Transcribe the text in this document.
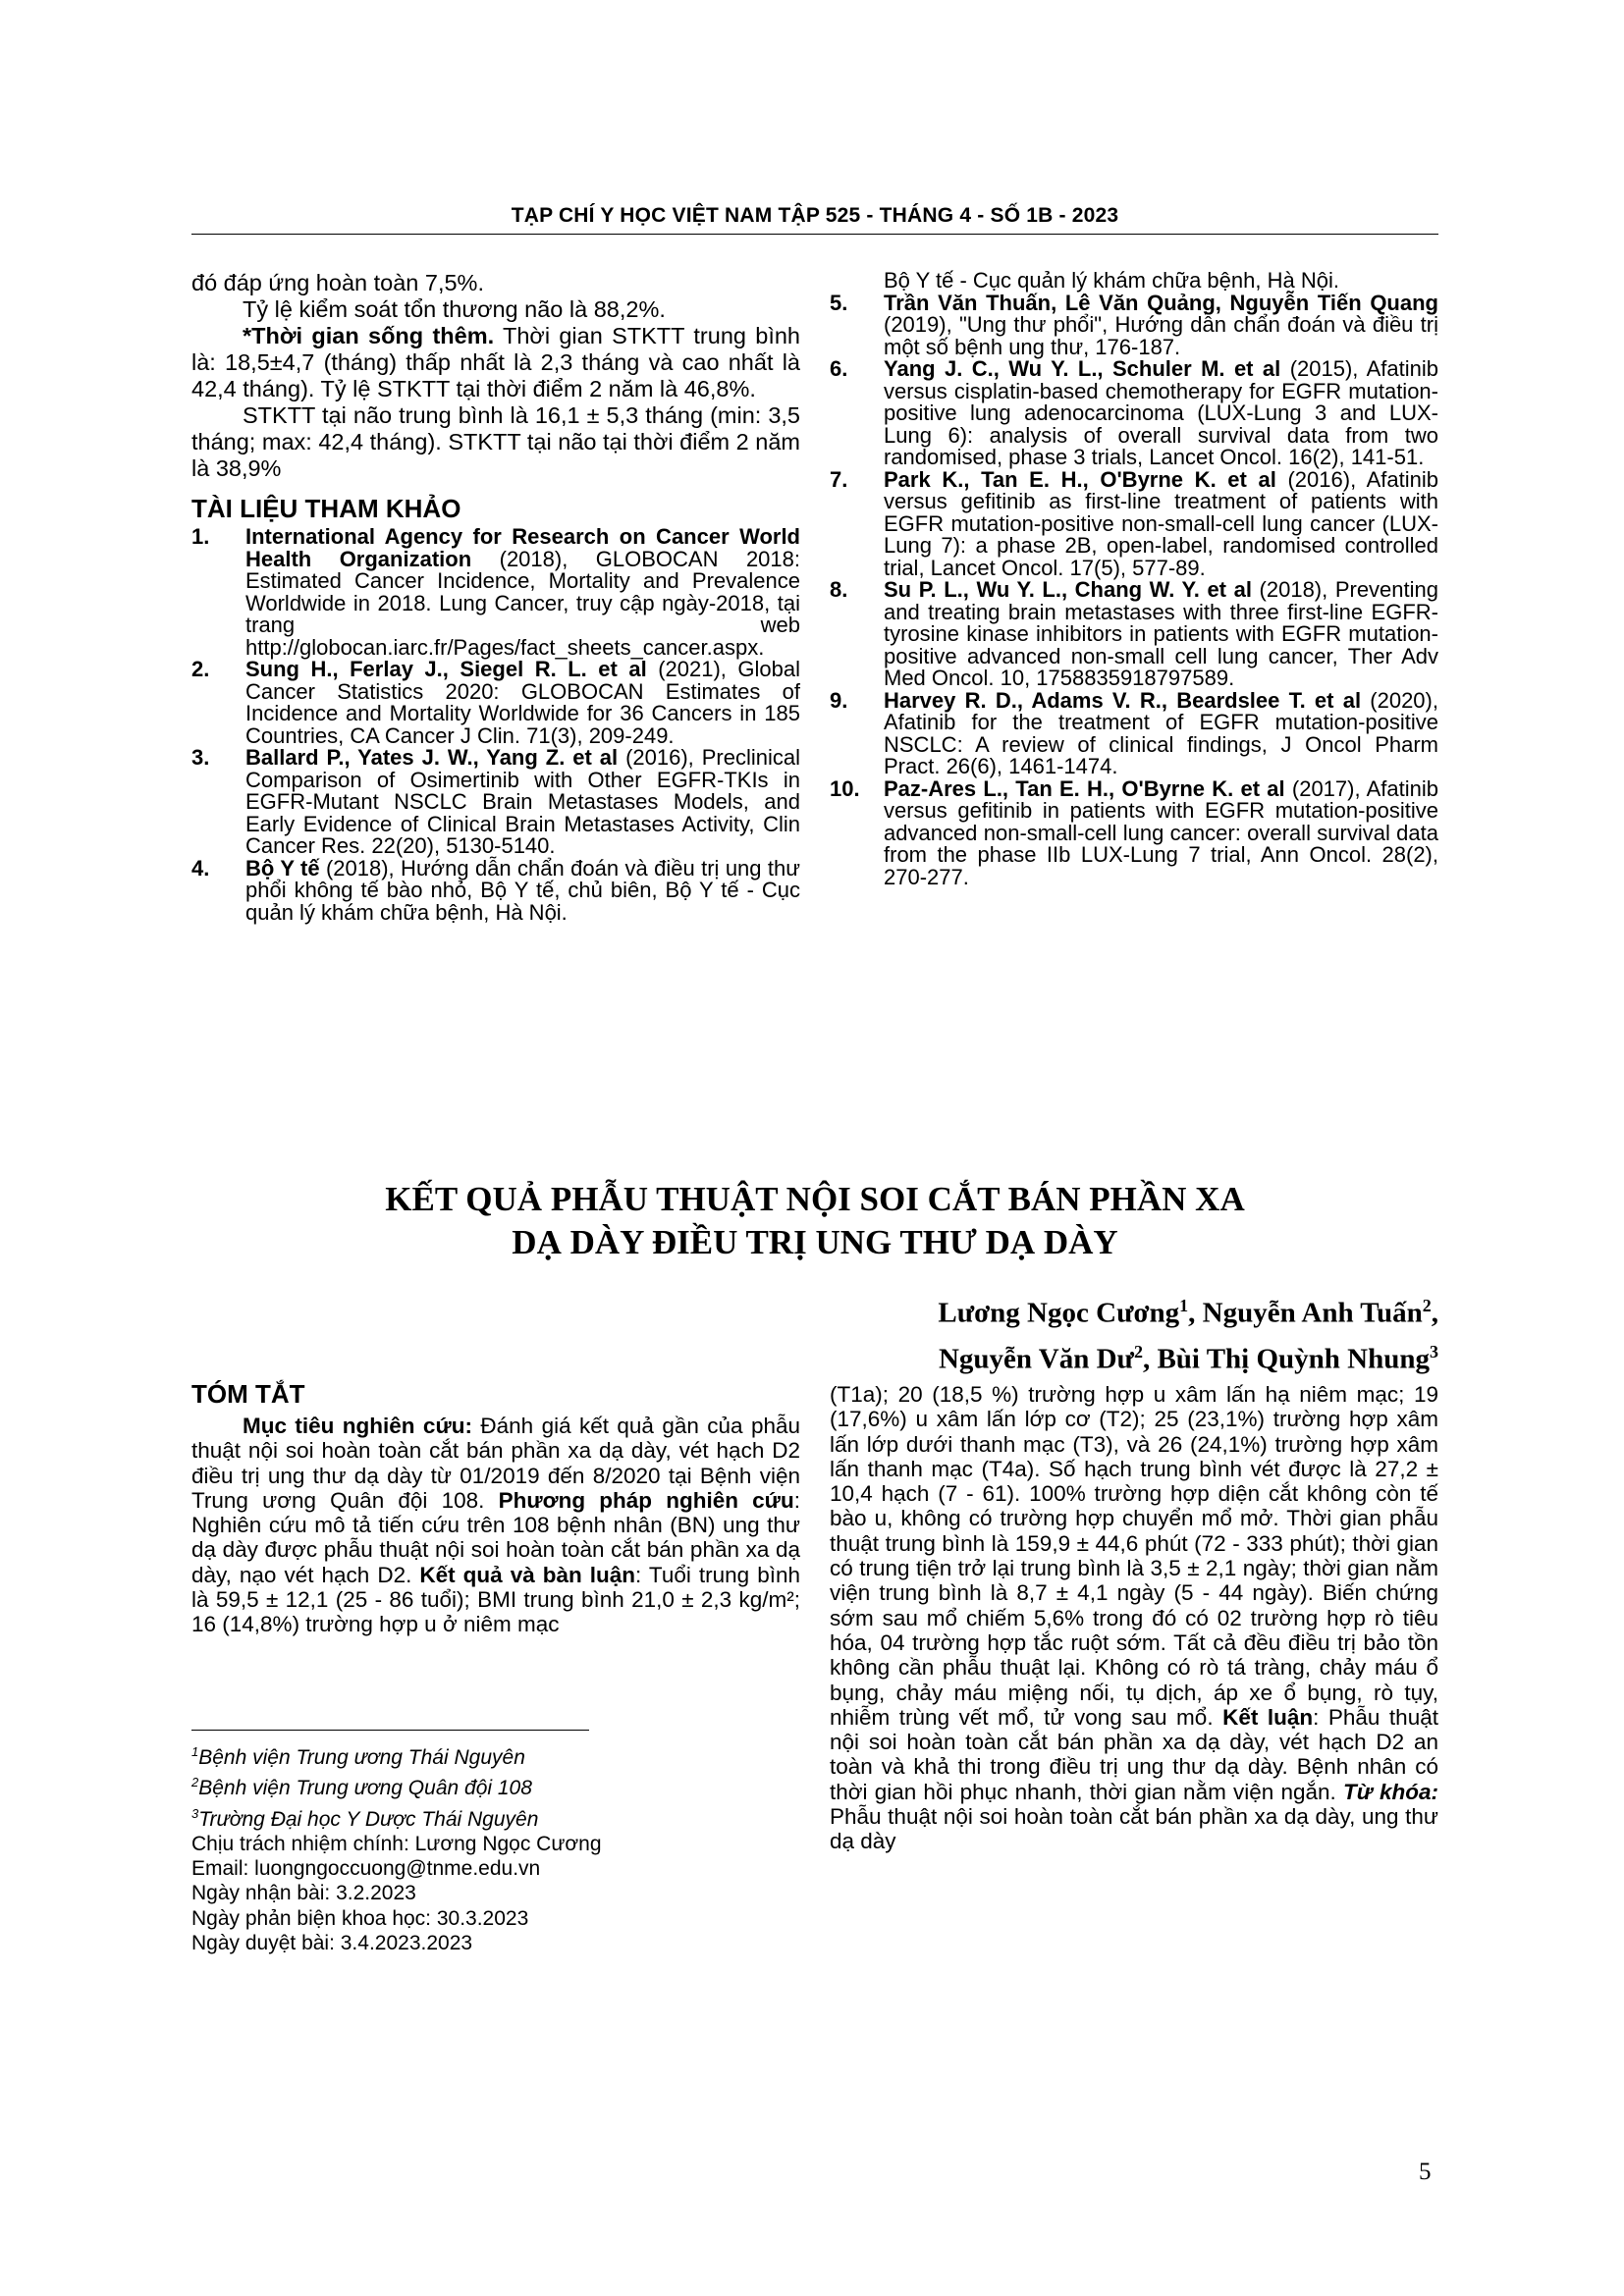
TẠP CHÍ Y HỌC VIỆT NAM TẬP 525 - THÁNG 4 - SỐ 1B - 2023

đó đáp ứng hoàn toàn 7,5%.

Tỷ lệ kiểm soát tổn thương não là 88,2%.

*Thời gian sống thêm. Thời gian STKTT trung bình là: 18,5±4,7 (tháng) thấp nhất là 2,3 tháng và cao nhất là 42,4 tháng). Tỷ lệ STKTT tại thời điểm 2 năm là 46,8%.

STKTT tại não trung bình là 16,1 ± 5,3 tháng (min: 3,5 tháng; max: 42,4 tháng). STKTT tại não tại thời điểm 2 năm là 38,9%

TÀI LIỆU THAM KHẢO

1.	International Agency for Research on Cancer World Health Organization (2018), GLOBOCAN 2018: Estimated Cancer Incidence, Mortality and Prevalence Worldwide in 2018. Lung Cancer, truy cập ngày-2018, tại trang web http://globocan.iarc.fr/Pages/fact_sheets_cancer.aspx.
2.	Sung H., Ferlay J., Siegel R. L. et al (2021), Global Cancer Statistics 2020: GLOBOCAN Estimates of Incidence and Mortality Worldwide for 36 Cancers in 185 Countries, CA Cancer J Clin. 71(3), 209-249.
3.	Ballard P., Yates J. W., Yang Z. et al (2016), Preclinical Comparison of Osimertinib with Other EGFR-TKIs in EGFR-Mutant NSCLC Brain Metastases Models, and Early Evidence of Clinical Brain Metastases Activity, Clin Cancer Res. 22(20), 5130-5140.
4.	Bộ Y tế (2018), Hướng dẫn chẩn đoán và điều trị ung thư phổi không tế bào nhỏ, Bộ Y tế, chủ biên, Bộ Y tế - Cục quản lý khám chữa bệnh, Hà Nội.
Bộ Y tế - Cục quản lý khám chữa bệnh, Hà Nội.
5.	Trần Văn Thuấn, Lê Văn Quảng, Nguyễn Tiến Quang (2019), "Ung thư phổi", Hướng dẫn chẩn đoán và điều trị một số bệnh ung thư, 176-187.
6.	Yang J. C., Wu Y. L., Schuler M. et al (2015), Afatinib versus cisplatin-based chemotherapy for EGFR mutation-positive lung adenocarcinoma (LUX-Lung 3 and LUX-Lung 6): analysis of overall survival data from two randomised, phase 3 trials, Lancet Oncol. 16(2), 141-51.
7.	Park K., Tan E. H., O'Byrne K. et al (2016), Afatinib versus gefitinib as first-line treatment of patients with EGFR mutation-positive non-small-cell lung cancer (LUX-Lung 7): a phase 2B, open-label, randomised controlled trial, Lancet Oncol. 17(5), 577-89.
8.	Su P. L., Wu Y. L., Chang W. Y. et al (2018), Preventing and treating brain metastases with three first-line EGFR-tyrosine kinase inhibitors in patients with EGFR mutation-positive advanced non-small cell lung cancer, Ther Adv Med Oncol. 10, 1758835918797589.
9.	Harvey R. D., Adams V. R., Beardslee T. et al (2020), Afatinib for the treatment of EGFR mutation-positive NSCLC: A review of clinical findings, J Oncol Pharm Pract. 26(6), 1461-1474.
10.	Paz-Ares L., Tan E. H., O'Byrne K. et al (2017), Afatinib versus gefitinib in patients with EGFR mutation-positive advanced non-small-cell lung cancer: overall survival data from the phase IIb LUX-Lung 7 trial, Ann Oncol. 28(2), 270-277.
KẾT QUẢ PHẪU THUẬT NỘI SOI CẮT BÁN PHẦN XA
DẠ DÀY ĐIỀU TRỊ UNG THƯ DẠ DÀY
Lương Ngọc Cương$^1$, Nguyễn Anh Tuấn$^2$,
Nguyễn Văn $Dư^2$, Bùi Thị Quỳnh Nhung$^3$

TÓM TẮT

Mục tiêu nghiên cứu: Đánh giá kết quả gần của phẫu thuật nội soi hoàn toàn cắt bán phần xa dạ dày, vét hạch D2 điều trị ung thư dạ dày từ 01/2019 đến 8/2020 tại Bệnh viện Trung ương Quân đội 108. Phương pháp nghiên cứu: Nghiên cứu mô tả tiến cứu trên 108 bệnh nhân (BN) ung thư dạ dày được phẫu thuật nội soi hoàn toàn cắt bán phần xa dạ dày, nạo vét hạch D2. Kết quả và bàn luận: Tuổi trung bình là 59,5 ± 12,1 (25 - 86 tuổi); BMI trung bình 21,0 ± 2,3 kg/m²; 16 (14,8%) trường hợp u ở niêm mạc

$^1$Bệnh viện Trung ương Thái Nguyên

$^2$Bệnh viện Trung ương Quân đội 108

$^3$Trường Đại học Y Dược Thái Nguyên

Chịu trách nhiệm chính: Lương Ngọc Cương

Email: luongngoccuong@tnme.edu.vn

Ngày nhận bài: 3.2.2023

Ngày phản biện khoa học: 30.3.2023

Ngày duyệt bài: 3.4.2023.2023

(T1a); 20 (18,5 %) trường hợp u xâm lấn hạ niêm mạc; 19 (17,6%) u xâm lấn lớp cơ (T2); 25 (23,1%) trường hợp xâm lấn lớp dưới thanh mạc (T3), và 26 (24,1%) trường hợp xâm lấn thanh mạc (T4a). Số hạch trung bình vét được là 27,2 ± 10,4 hạch (7 - 61). 100% trường hợp diện cắt không còn tế bào u, không có trường hợp chuyển mổ mở. Thời gian phẫu thuật trung bình là 159,9 ± 44,6 phút (72 - 333 phút); thời gian có trung tiện trở lại trung bình là 3,5 ± 2,1 ngày; thời gian nằm viện trung bình là 8,7 ± 4,1 ngày (5 - 44 ngày). Biến chứng sớm sau mổ chiếm 5,6% trong đó có 02 trường hợp rò tiêu hóa, 04 trường hợp tắc ruột sớm. Tất cả đều điều trị bảo tồn không cần phẫu thuật lại. Không có rò tá tràng, chảy máu ổ bụng, chảy máu miệng nối, tụ dịch, áp xe ổ bụng, rò tụy, nhiễm trùng vết mổ, tử vong sau mổ. Kết luận: Phẫu thuật nội soi hoàn toàn cắt bán phần xa dạ dày, vét hạch D2 an toàn và khả thi trong điều trị ung thư dạ dày. Bệnh nhân có thời gian hồi phục nhanh, thời gian nằm viện ngắn. Từ khóa: Phẫu thuật nội soi hoàn toàn cắt bán phần xa dạ dày, ung thư dạ dày

5
